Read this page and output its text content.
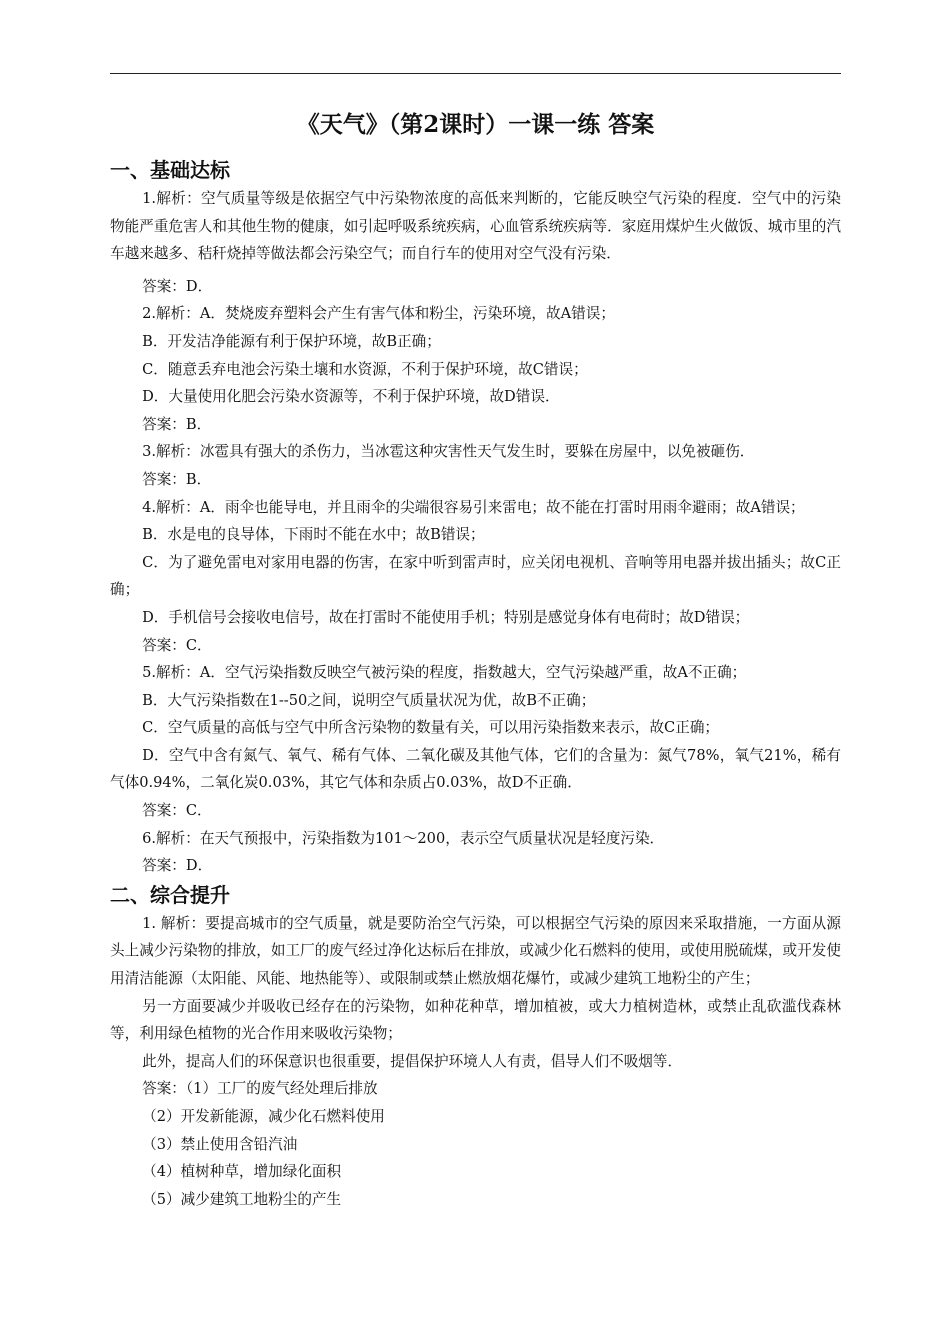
《天气》（第2课时）一课一练 答案
一、基础达标

1.解析：空气质量等级是依据空气中污染物浓度的高低来判断的，它能反映空气污染的程度．空气中的污染物能严重危害人和其他生物的健康，如引起呼吸系统疾病，心血管系统疾病等．家庭用煤炉生火做饭、城市里的汽车越来越多、秸秆烧掉等做法都会污染空气；而自行车的使用对空气没有污染．

答案：D．

2.解析：A．焚烧废弃塑料会产生有害气体和粉尘，污染环境，故A错误；

B．开发洁净能源有利于保护环境，故B正确；

C．随意丢弃电池会污染土壤和水资源，不利于保护环境，故C错误；

D．大量使用化肥会污染水资源等，不利于保护环境，故D错误．

答案：B．

3.解析：冰雹具有强大的杀伤力，当冰雹这种灾害性天气发生时，要躲在房屋中，以免被砸伤．

答案：B．

4.解析：A．雨伞也能导电，并且雨伞的尖端很容易引来雷电；故不能在打雷时用雨伞避雨；故A错误；

B．水是电的良导体，下雨时不能在水中；故B错误；

C．为了避免雷电对家用电器的伤害，在家中听到雷声时，应关闭电视机、音响等用电器并拔出插头；故C正确；

D．手机信号会接收电信号，故在打雷时不能使用手机；特别是感觉身体有电荷时；故D错误；

答案：C．

5.解析：A．空气污染指数反映空气被污染的程度，指数越大，空气污染越严重，故A不正确；

B．大气污染指数在1--50之间，说明空气质量状况为优，故B不正确；

C．空气质量的高低与空气中所含污染物的数量有关，可以用污染指数来表示，故C正确；

D．空气中含有氮气、氧气、稀有气体、二氧化碳及其他气体，它们的含量为：氮气78%，氧气21%，稀有气体0.94%，二氧化炭0.03%，其它气体和杂质占0.03%，故D不正确．

答案：C．

6.解析：在天气预报中，污染指数为101～200，表示空气质量状况是轻度污染．

答案：D．

二、综合提升

1. 解析：要提高城市的空气质量，就是要防治空气污染，可以根据空气污染的原因来采取措施，一方面从源头上减少污染物的排放，如工厂的废气经过净化达标后在排放，或减少化石燃料的使用，或使用脱硫煤，或开发使用清洁能源（太阳能、风能、地热能等）、或限制或禁止燃放烟花爆竹，或减少建筑工地粉尘的产生；

另一方面要减少并吸收已经存在的污染物，如种花种草，增加植被，或大力植树造林，或禁止乱砍滥伐森林等，利用绿色植物的光合作用来吸收污染物；

此外，提高人们的环保意识也很重要，提倡保护环境人人有责，倡导人们不吸烟等．

答案：（1）工厂的废气经处理后排放

（2）开发新能源，减少化石燃料使用

（3）禁止使用含铅汽油

（4）植树种草，增加绿化面积

（5）减少建筑工地粉尘的产生
